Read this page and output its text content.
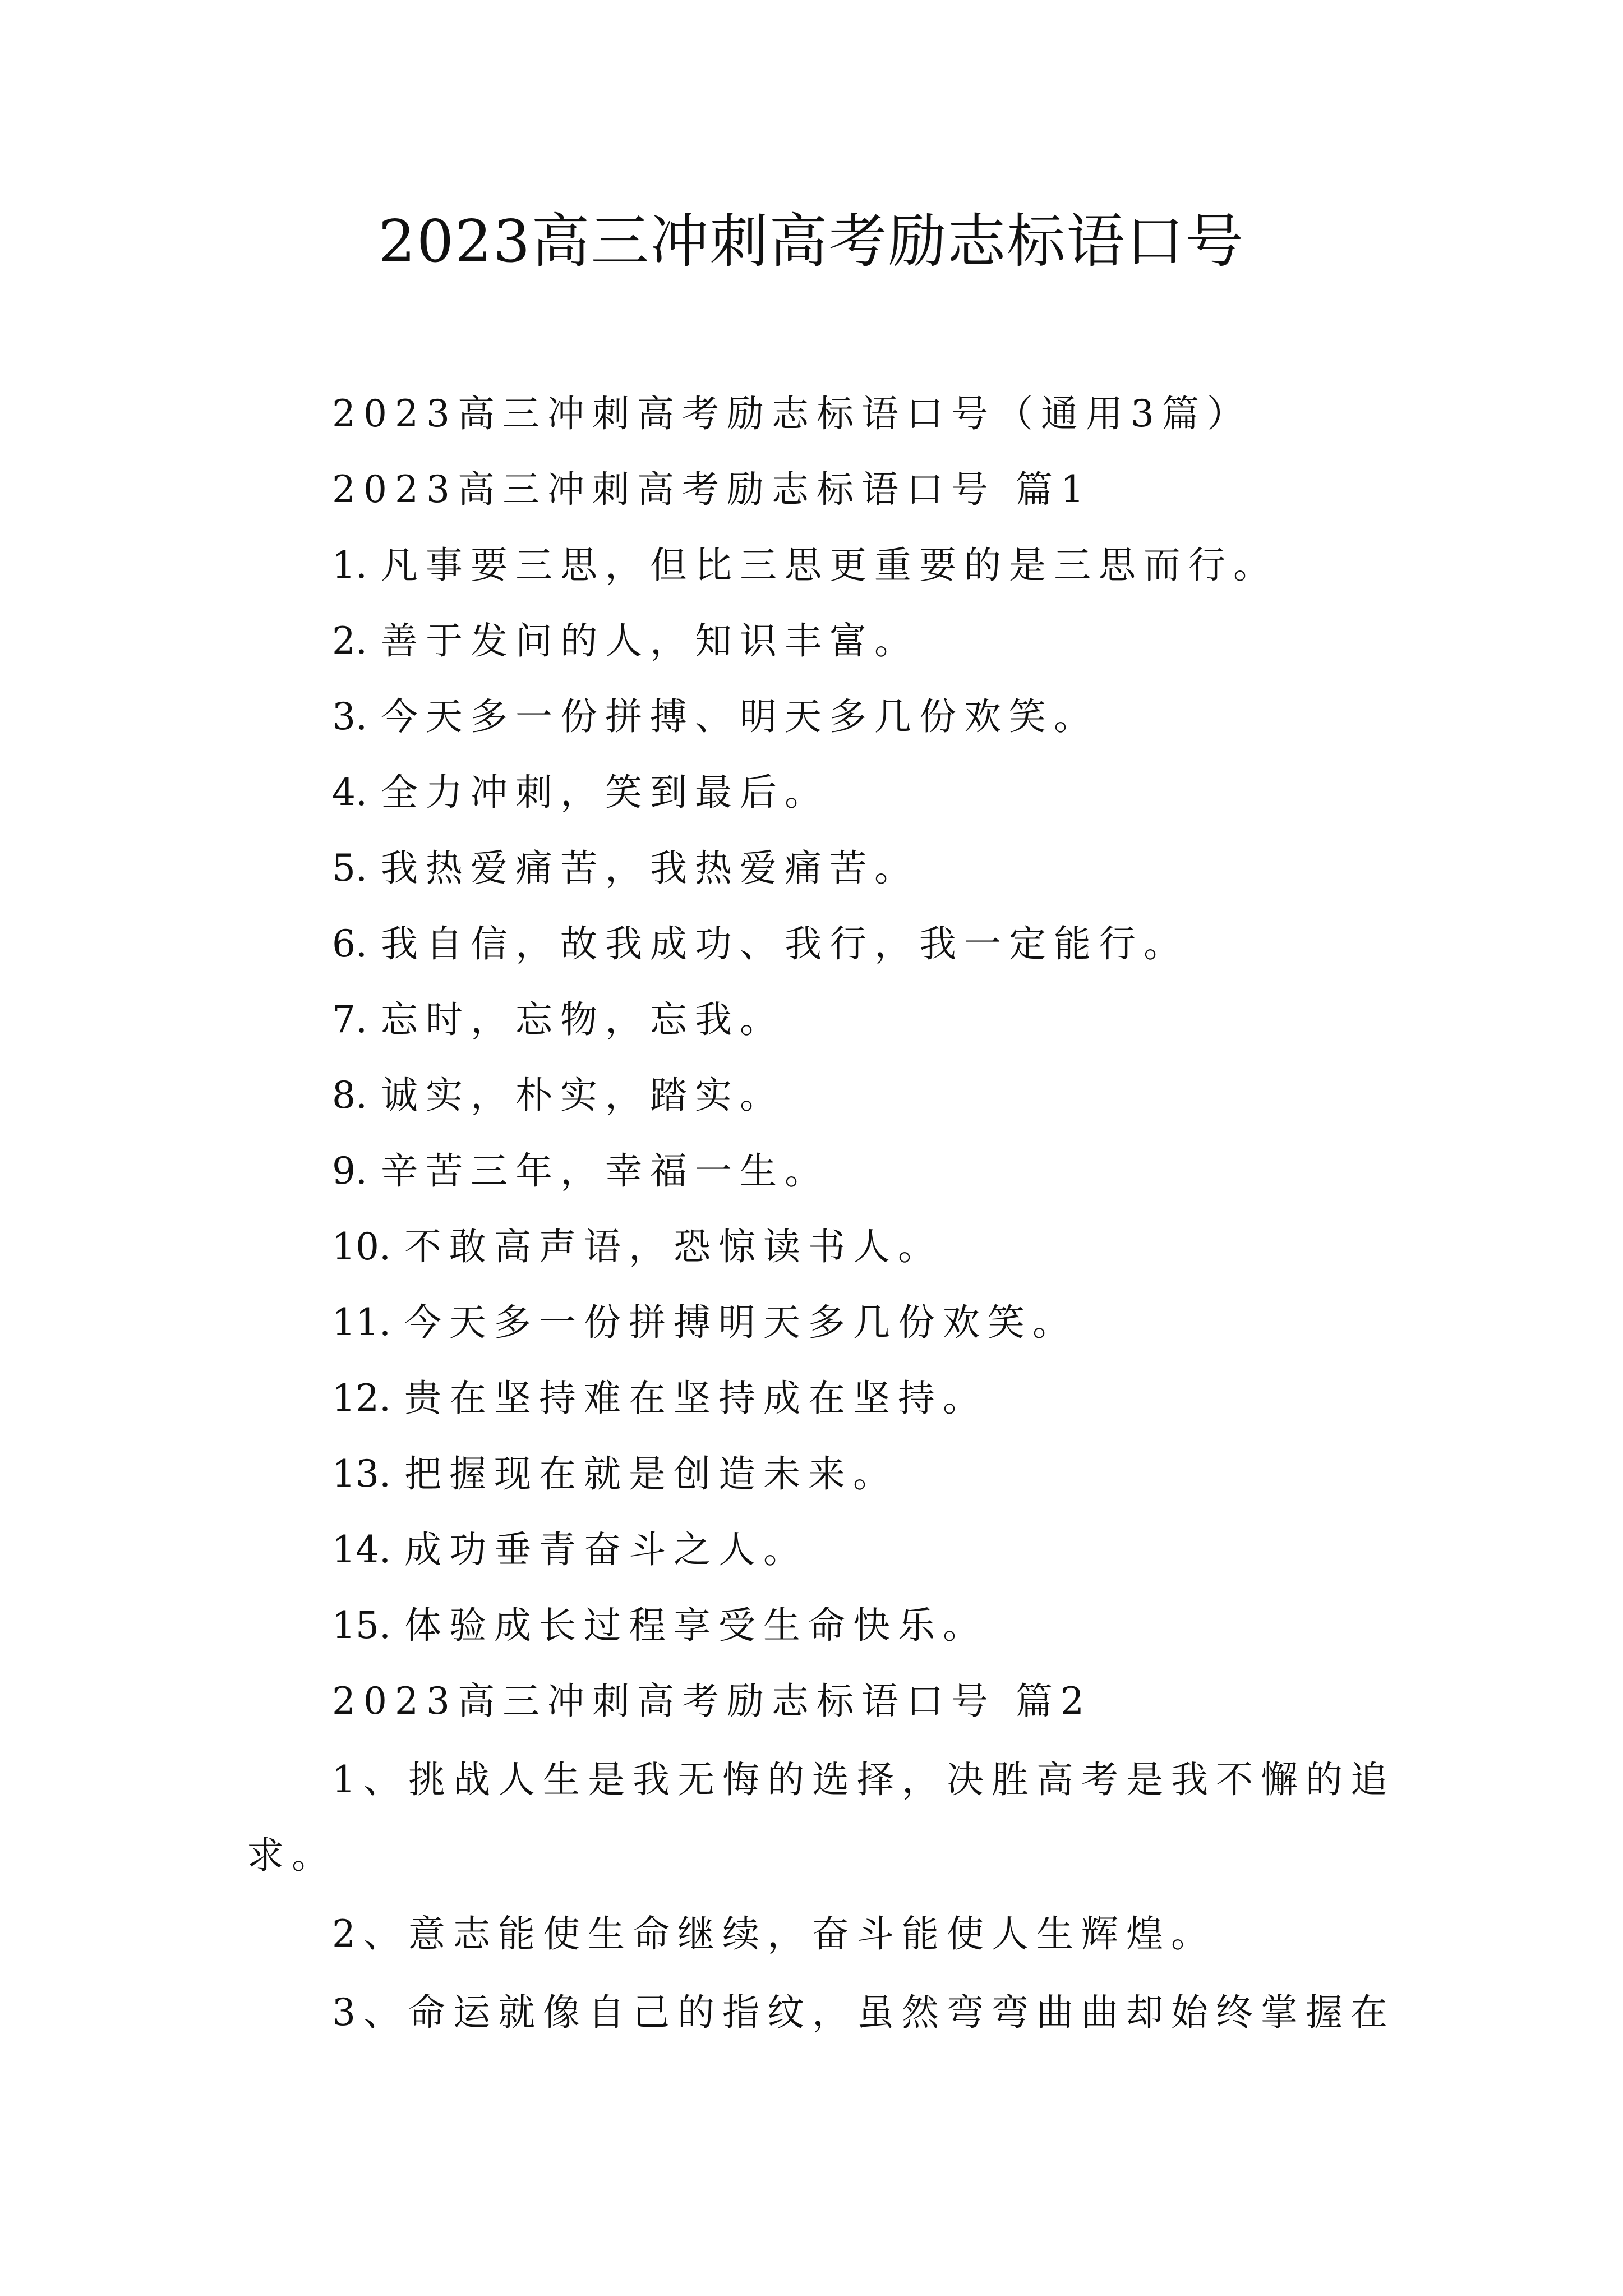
2023高三冲刺高考励志标语口号
2023高三冲刺高考励志标语口号（通用3篇）
2023高三冲刺高考励志标语口号 篇1
1. 凡事要三思，但比三思更重要的是三思而行。
2. 善于发问的人，知识丰富。
3. 今天多一份拼搏、明天多几份欢笑。
4. 全力冲刺，笑到最后。
5. 我热爱痛苦，我热爱痛苦。
6. 我自信，故我成功、我行，我一定能行。
7. 忘时，忘物，忘我。
8. 诚实，朴实，踏实。
9. 辛苦三年，幸福一生。
10. 不敢高声语，恐惊读书人。
11. 今天多一份拼搏明天多几份欢笑。
12. 贵在坚持难在坚持成在坚持。
13. 把握现在就是创造未来。
14. 成功垂青奋斗之人。
15. 体验成长过程享受生命快乐。
2023高三冲刺高考励志标语口号 篇2
1、挑战人生是我无悔的选择，决胜高考是我不懈的追
求。
2、意志能使生命继续，奋斗能使人生辉煌。
3、命运就像自己的指纹，虽然弯弯曲曲却始终掌握在
